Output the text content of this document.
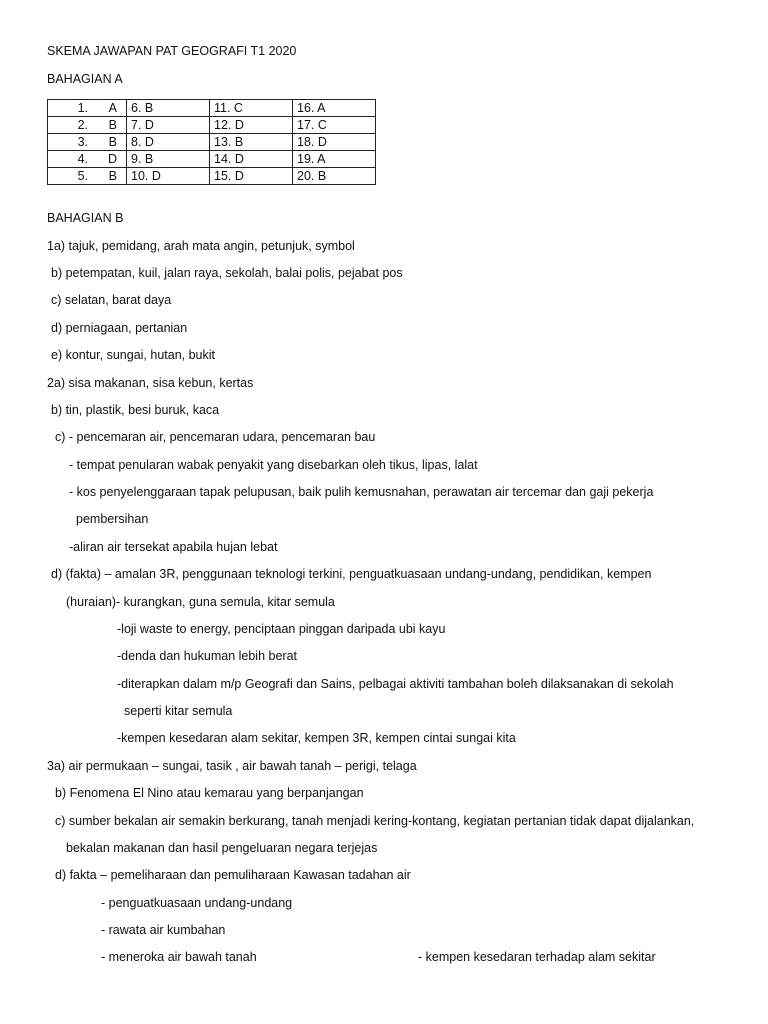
SKEMA JAWAPAN PAT GEOGRAFI T1 2020
BAHAGIAN A
1. A	6. B	11. C	16. A
2. B	7. D	12. D	17. C
3. B	8. D	13. B	18. D
4. D	9. B	14. D	19. A
5. B	10. D	15. D	20. B
BAHAGIAN B
1a) tajuk, pemidang, arah mata angin, petunjuk, symbol
b) petempatan, kuil, jalan raya, sekolah, balai polis, pejabat pos
c) selatan, barat daya
d) perniagaan, pertanian
e) kontur, sungai, hutan, bukit
2a) sisa makanan, sisa kebun, kertas
b) tin, plastik, besi buruk, kaca
c) - pencemaran air, pencemaran udara, pencemaran bau
- tempat penularan wabak penyakit yang disebarkan oleh tikus, lipas, lalat
- kos penyelenggaraan tapak pelupusan, baik pulih kemusnahan, perawatan air tercemar dan gaji pekerja
pembersihan
-aliran air tersekat apabila hujan lebat
d) (fakta) – amalan 3R, penggunaan teknologi terkini, penguatkuasaan undang-undang, pendidikan, kempen
(huraian)- kurangkan, guna semula, kitar semula
-loji waste to energy, penciptaan pinggan daripada ubi kayu
-denda dan hukuman lebih berat
-diterapkan dalam m/p Geografi dan Sains, pelbagai aktiviti tambahan boleh dilaksanakan di sekolah
seperti kitar semula
-kempen kesedaran alam sekitar, kempen 3R, kempen cintai sungai kita
3a) air permukaan – sungai, tasik , air bawah tanah – perigi, telaga
b) Fenomena El Nino atau kemarau yang berpanjangan
c) sumber bekalan air semakin berkurang, tanah menjadi kering-kontang, kegiatan pertanian tidak dapat dijalankan,
bekalan makanan dan hasil pengeluaran negara terjejas
d) fakta – pemeliharaan dan pemuliharaan Kawasan tadahan air
- penguatkuasaan undang-undang
- rawata air kumbahan
- meneroka air bawah tanah	- kempen kesedaran terhadap alam sekitar
